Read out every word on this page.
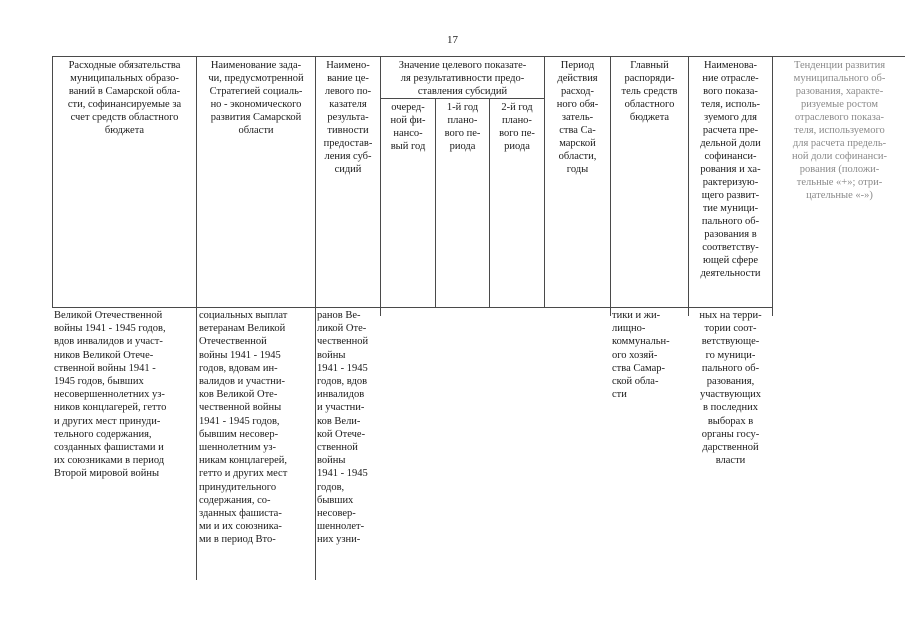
17
Расходные обязательства
муниципальных образо-
ваний в Самарской обла-
сти, софинансируемые за
счет средств областного
бюджета
Наименование зада-
чи, предусмотренной
Стратегией социаль-
но - экономического
развития Самарской
области
Наимено-
вание це-
левого по-
казателя
результа-
тивности
предостав-
ления суб-
сидий
Значение целевого показате-
ля результативности предо-
ставления субсидий
очеред-
ной фи-
нансо-
вый год
1-й год
плано-
вого пе-
риода
2-й год
плано-
вого пе-
риода
Период
действия
расход-
ного обя-
затель-
ства Са-
марской
области,
годы
Главный
распоряди-
тель средств
областного
бюджета
Наименова-
ние отрасле-
вого показа-
теля, исполь-
зуемого для
расчета пре-
дельной доли
софинанси-
рования и ха-
рактеризую-
щего развит-
тие муници-
пального об-
разования в
соответству-
ющей сфере
деятельности
Тенденции развития
муниципального об-
разования, характе-
ризуемые ростом
отраслевого показа-
теля, используемого
для расчета предель-
ной доли софинанси-
рования (положи-
тельные «+»; отри-
цательные «-»)
Великой Отечественной
войны 1941 - 1945 годов,
вдов инвалидов и участ-
ников Великой Отече-
ственной войны 1941 -
1945 годов, бывших
несовершеннолетних уз-
ников концлагерей, гетто
и других мест принуди-
тельного содержания,
созданных фашистами и
их союзниками в период
Второй мировой войны
социальных выплат
ветеранам Великой
Отечественной
войны 1941 - 1945
годов, вдовам ин-
валидов и участни-
ков Великой Оте-
чественной войны
1941 - 1945 годов,
бывшим несовер-
шеннолетним уз-
никам концлагерей,
гетто и других мест
принудительного
содержания, со-
зданных фашиста-
ми и их союзника-
ми в период Вто-
ранов Ве-
ликой Оте-
чественной
войны
1941 - 1945
годов, вдов
инвалидов
и участни-
ков Вели-
кой Отече-
ственной
войны
1941 - 1945
годов,
бывших
несовер-
шеннолет-
них узни-
тики и жи-
лищно-
коммунальн-
ого хозяй-
ства Самар-
ской обла-
сти
ных на терри-
тории соот-
ветствующе-
го муници-
пального об-
разования,
участвующих
в последних
выборах в
органы госу-
дарственной
власти
